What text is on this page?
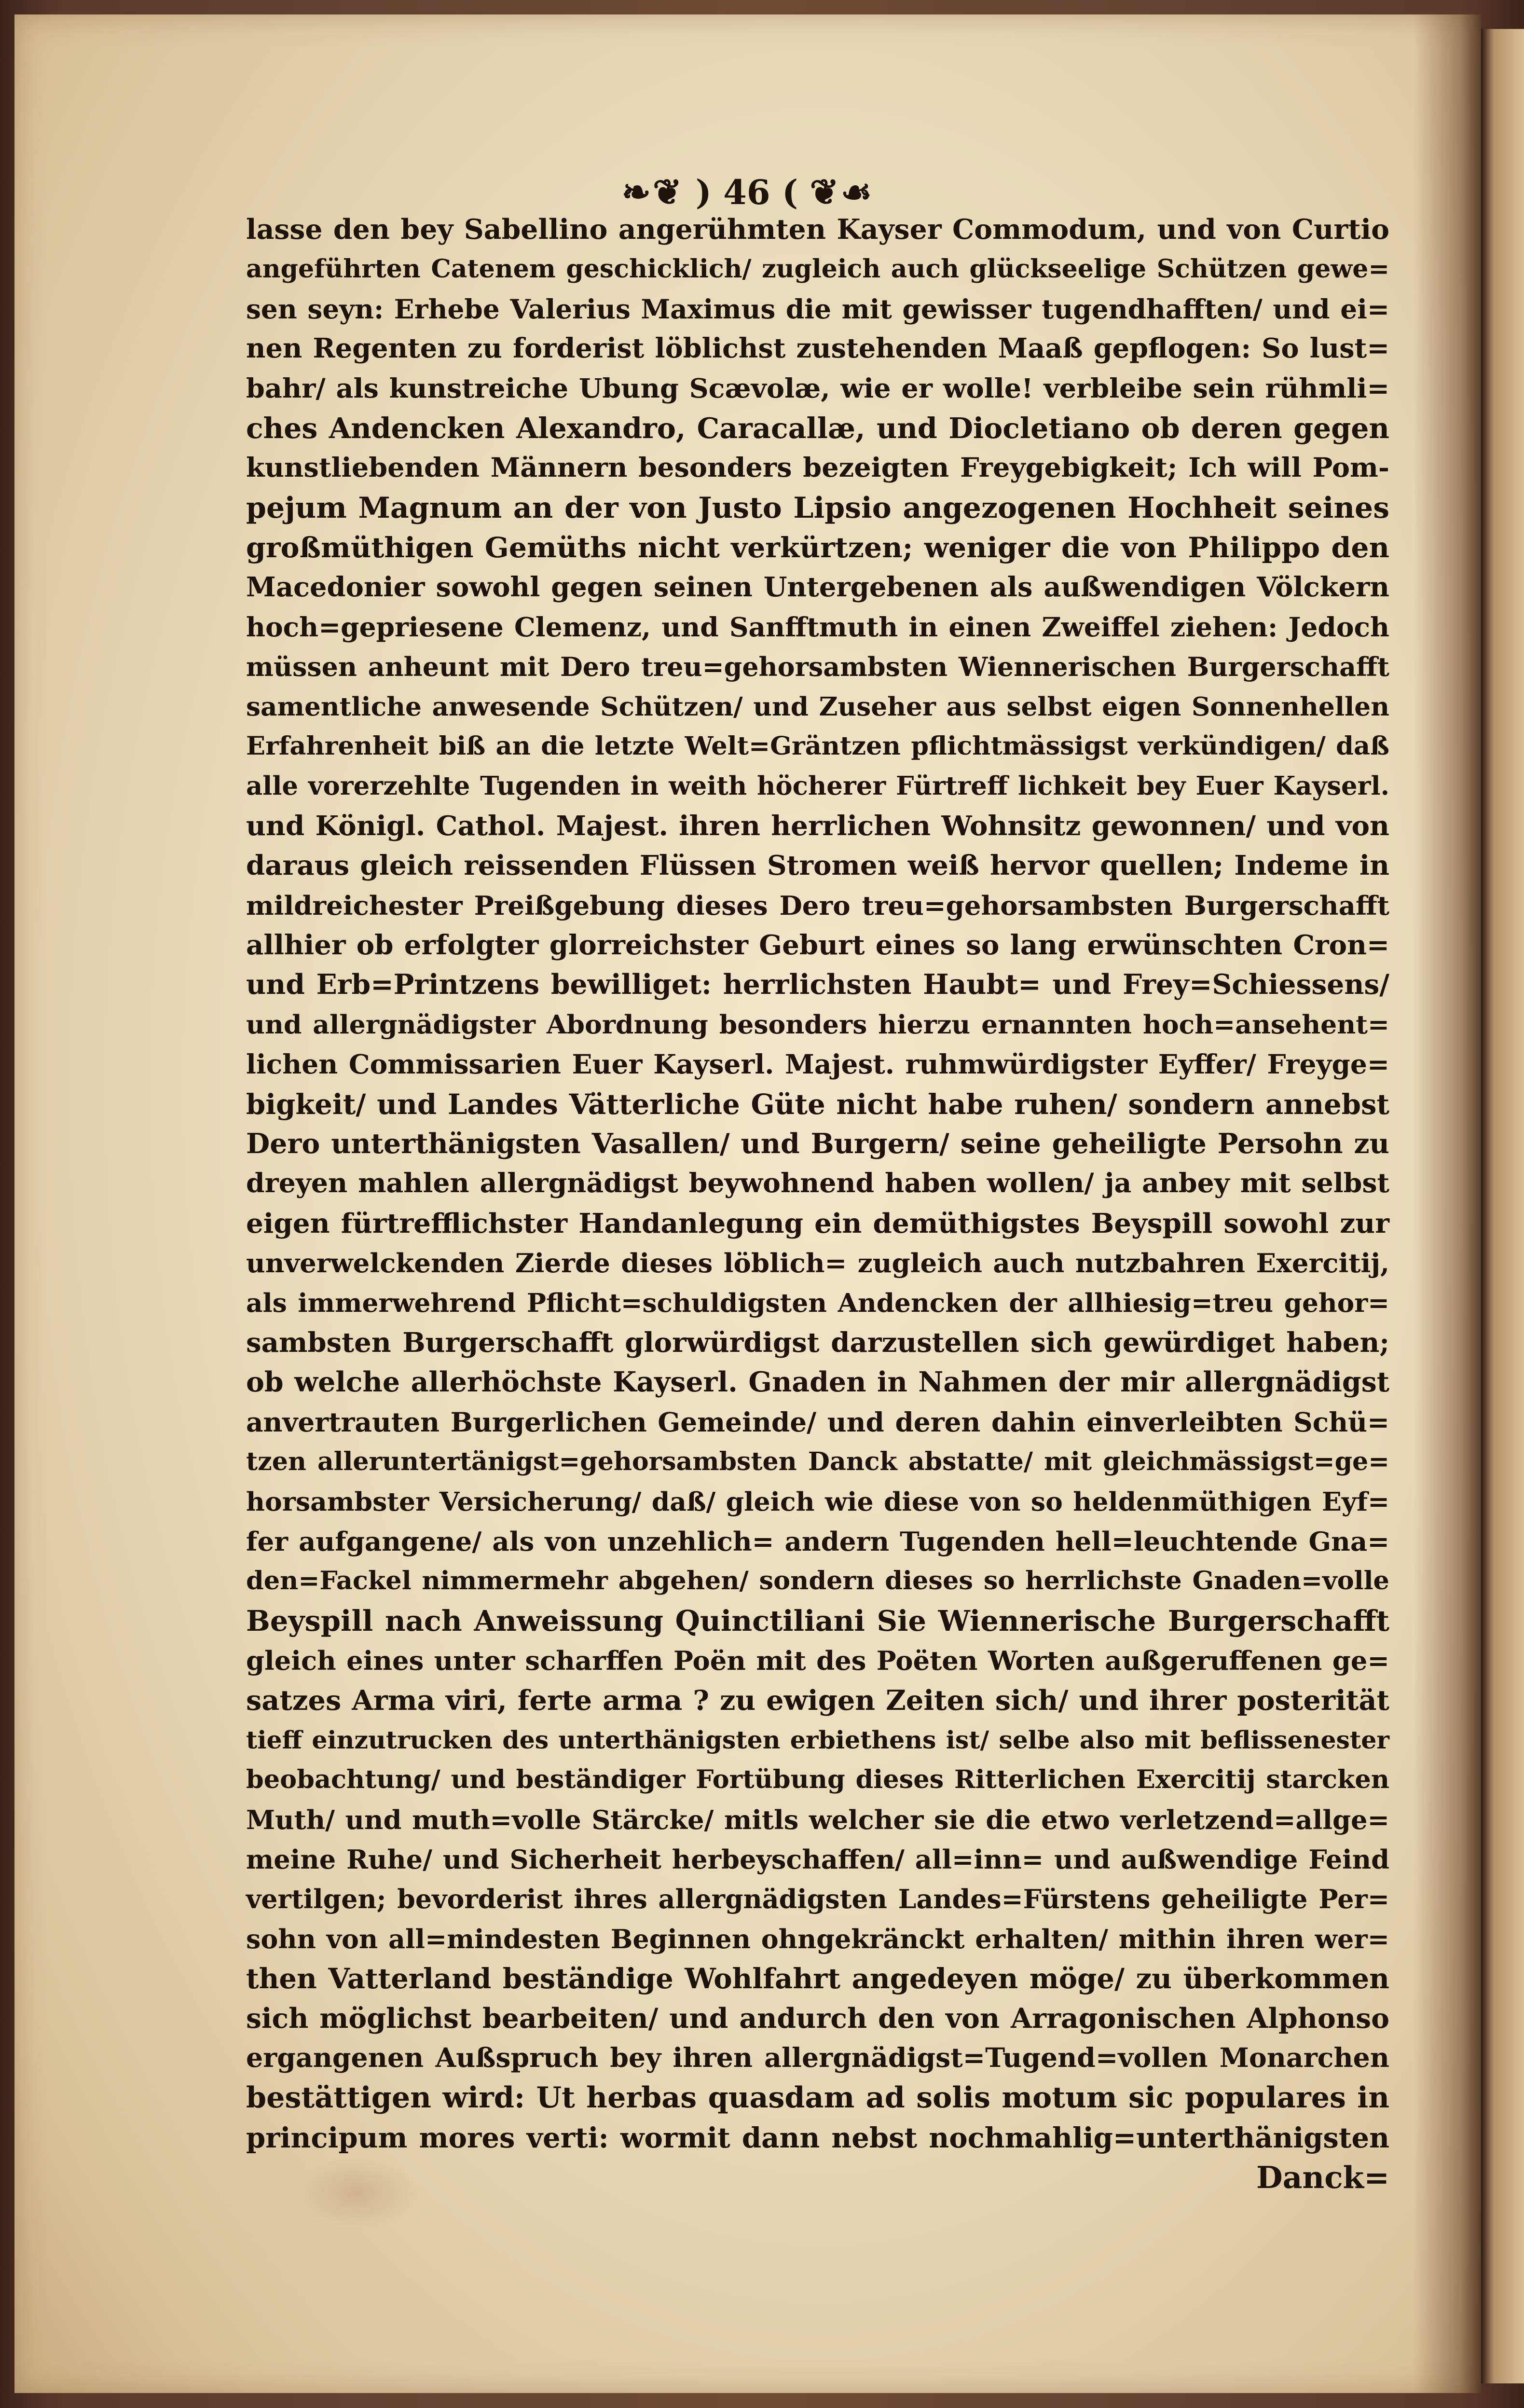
❧❦ ) 46 ( ❦☙
lasse den bey Sabellino angerühmten Kayser Commodum, und von Curtio
angeführten Catenem geschicklich/ zugleich auch glückseelige Schützen gewe=
sen seyn: Erhebe Valerius Maximus die mit gewisser tugendhafften/ und ei=
nen Regenten zu forderist löblichst zustehenden Maaß gepflogen: So lust=
bahr/ als kunstreiche Ubung Scævolæ, wie er wolle! verbleibe sein rühmli=
ches Andencken Alexandro, Caracallæ, und Diocletiano ob deren gegen
kunstliebenden Männern besonders bezeigten Freygebigkeit; Ich will Pom-
pejum Magnum an der von Justo Lipsio angezogenen Hochheit seines
großmüthigen Gemüths nicht verkürtzen; weniger die von Philippo den
Macedonier sowohl gegen seinen Untergebenen als außwendigen Völckern
hoch=gepriesene Clemenz, und Sanfftmuth in einen Zweiffel ziehen: Jedoch
müssen anheunt mit Dero treu=gehorsambsten Wiennerischen Burgerschafft
samentliche anwesende Schützen/ und Zuseher aus selbst eigen Sonnenhellen
Erfahrenheit biß an die letzte Welt=Gräntzen pflichtmässigst verkündigen/ daß
alle vorerzehlte Tugenden in weith höcherer Fürtreff lichkeit bey Euer Kayserl.
und Königl. Cathol. Majest. ihren herrlichen Wohnsitz gewonnen/ und von
daraus gleich reissenden Flüssen Stromen weiß hervor quellen; Indeme in
mildreichester Preißgebung dieses Dero treu=gehorsambsten Burgerschafft
allhier ob erfolgter glorreichster Geburt eines so lang erwünschten Cron=
und Erb=Printzens bewilliget: herrlichsten Haubt= und Frey=Schiessens/
und allergnädigster Abordnung besonders hierzu ernannten hoch=ansehent=
lichen Commissarien Euer Kayserl. Majest. ruhmwürdigster Eyffer/ Freyge=
bigkeit/ und Landes Vätterliche Güte nicht habe ruhen/ sondern annebst
Dero unterthänigsten Vasallen/ und Burgern/ seine geheiligte Persohn zu
dreyen mahlen allergnädigst beywohnend haben wollen/ ja anbey mit selbst
eigen fürtrefflichster Handanlegung ein demüthigstes Beyspill sowohl zur
unverwelckenden Zierde dieses löblich= zugleich auch nutzbahren Exercitij,
als immerwehrend Pflicht=schuldigsten Andencken der allhiesig=treu gehor=
sambsten Burgerschafft glorwürdigst darzustellen sich gewürdiget haben;
ob welche allerhöchste Kayserl. Gnaden in Nahmen der mir allergnädigst
anvertrauten Burgerlichen Gemeinde/ und deren dahin einverleibten Schü=
tzen alleruntertänigst=gehorsambsten Danck abstatte/ mit gleichmässigst=ge=
horsambster Versicherung/ daß/ gleich wie diese von so heldenmüthigen Eyf=
fer aufgangene/ als von unzehlich= andern Tugenden hell=leuchtende Gna=
den=Fackel nimmermehr abgehen/ sondern dieses so herrlichste Gnaden=volle
Beyspill nach Anweissung Quinctiliani Sie Wiennerische Burgerschafft
gleich eines unter scharffen Poën mit des Poëten Worten außgeruffenen ge=
satzes Arma viri, ferte arma ? zu ewigen Zeiten sich/ und ihrer posterität
tieff einzutrucken des unterthänigsten erbiethens ist/ selbe also mit beflissenester
beobachtung/ und beständiger Fortübung dieses Ritterlichen Exercitij starcken
Muth/ und muth=volle Stärcke/ mitls welcher sie die etwo verletzend=allge=
meine Ruhe/ und Sicherheit herbeyschaffen/ all=inn= und außwendige Feind
vertilgen; bevorderist ihres allergnädigsten Landes=Fürstens geheiligte Per=
sohn von all=mindesten Beginnen ohngekränckt erhalten/ mithin ihren wer=
then Vatterland beständige Wohlfahrt angedeyen möge/ zu überkommen
sich möglichst bearbeiten/ und andurch den von Arragonischen Alphonso
ergangenen Außspruch bey ihren allergnädigst=Tugend=vollen Monarchen
bestättigen wird: Ut herbas quasdam ad solis motum sic populares in
principum mores verti: wormit dann nebst nochmahlig=unterthänigsten
Danck=
